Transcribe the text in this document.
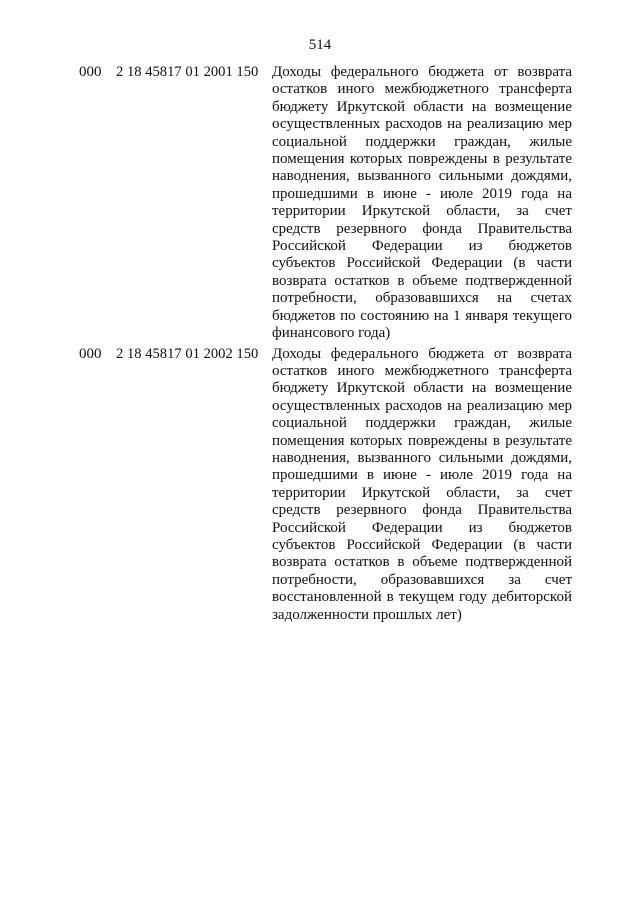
514
000 2 18 45817 01 2001 150 Доходы федерального бюджета от возврата остатков иного межбюджетного трансферта бюджету Иркутской области на возмещение осуществленных расходов на реализацию мер социальной поддержки граждан, жилые помещения которых повреждены в результате наводнения, вызванного сильными дождями, прошедшими в июне - июле 2019 года на территории Иркутской области, за счет средств резервного фонда Правительства Российской Федерации из бюджетов субъектов Российской Федерации (в части возврата остатков в объеме подтвержденной потребности, образовавшихся на счетах бюджетов по состоянию на 1 января текущего финансового года)
000 2 18 45817 01 2002 150 Доходы федерального бюджета от возврата остатков иного межбюджетного трансферта бюджету Иркутской области на возмещение осуществленных расходов на реализацию мер социальной поддержки граждан, жилые помещения которых повреждены в результате наводнения, вызванного сильными дождями, прошедшими в июне - июле 2019 года на территории Иркутской области, за счет средств резервного фонда Правительства Российской Федерации из бюджетов субъектов Российской Федерации (в части возврата остатков в объеме подтвержденной потребности, образовавшихся за счет восстановленной в текущем году дебиторской задолженности прошлых лет)
